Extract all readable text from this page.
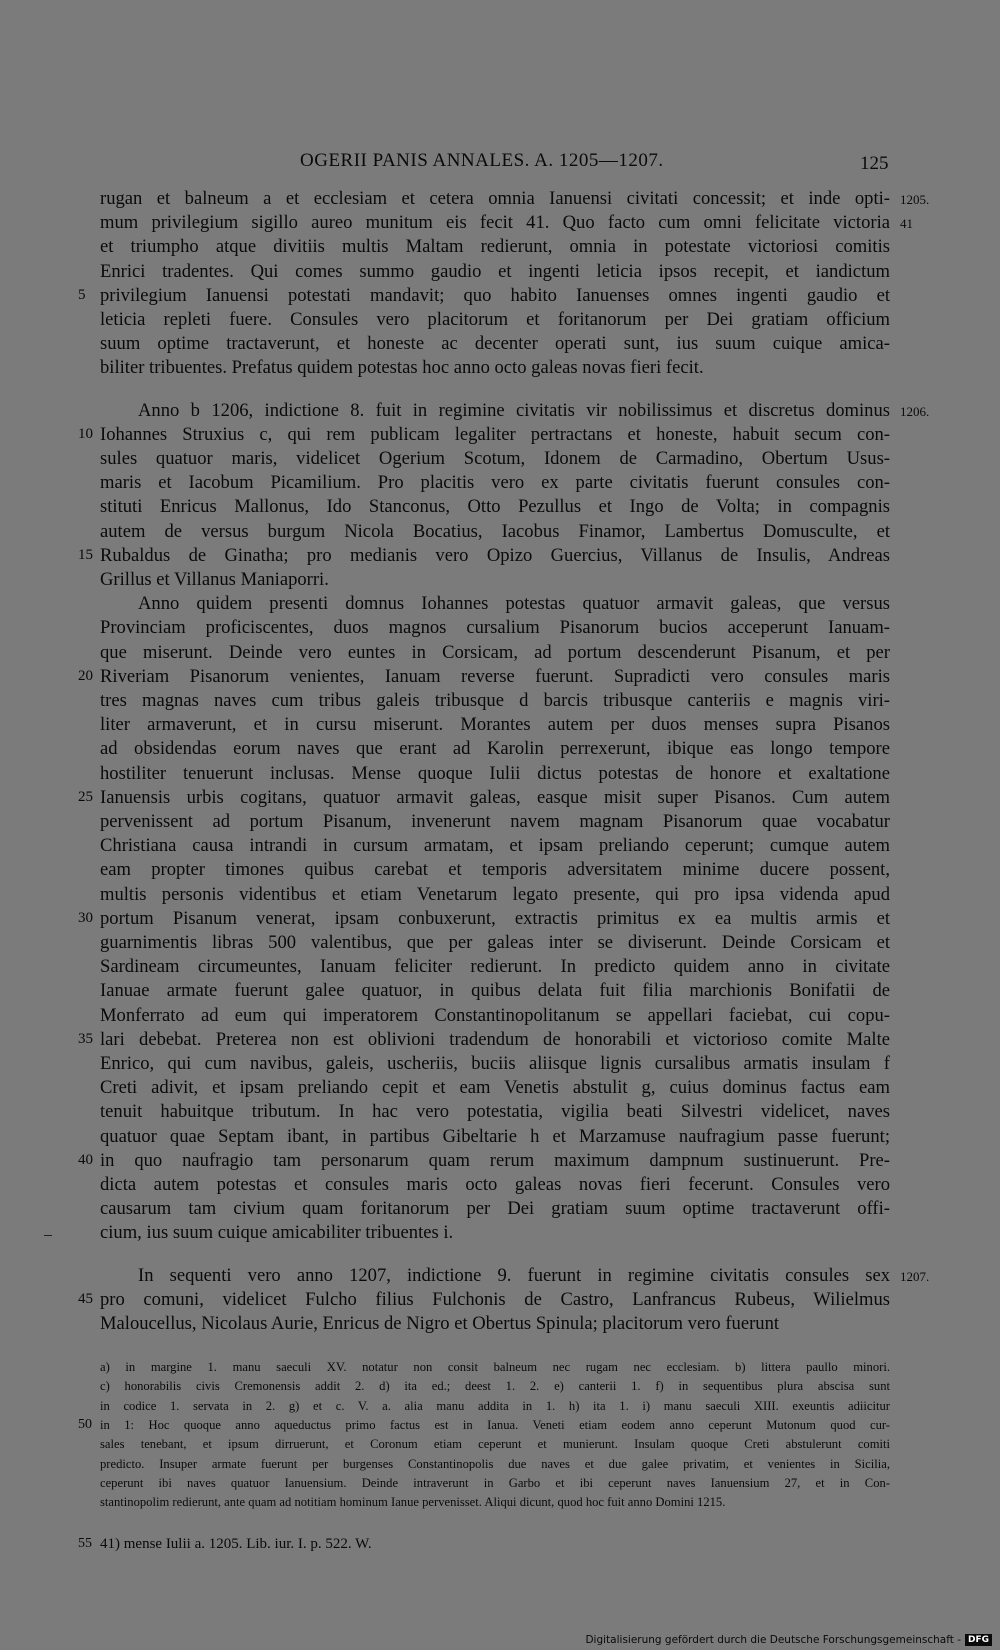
OGERII PANIS ANNALES. A. 1205—1207.	125
rugan et balneum a et ecclesiam et cetera omnia Ianuensi civitati concessit; et inde opti- 1205.
mum privilegium sigillo aureo munitum eis fecit 41. Quo facto cum omni felicitate victoria 41
et triumpho atque divitiis multis Maltam redierunt, omnia in potestate victoriosi comitis
Enrici tradentes. Qui comes summo gaudio et ingenti leticia ipsos recepit, et iandictum
privilegium Ianuensi potestati mandavit; quo habito Ianuenses omnes ingenti gaudio et
5
leticia repleti fuere. Consules vero placitorum et foritanorum per Dei gratiam officium
suum optime tractaverunt, et honeste ac decenter operati sunt, ius suum cuique amica-
biliter tribuentes. Prefatus quidem potestas hoc anno octo galeas novas fieri fecit.
Anno b 1206, indictione 8. fuit in regimine civitatis vir nobilissimus et discretus dominus 1206.
Iohannes Struxius c, qui rem publicam legaliter pertractans et honeste, habuit secum con-
10
sules quatuor maris, videlicet Ogerium Scotum, Idonem de Carmadino, Obertum Usus-
maris et Iacobum Picamilium. Pro placitis vero ex parte civitatis fuerunt consules con-
stituti Enricus Mallonus, Ido Stanconus, Otto Pezullus et Ingo de Volta; in compagnis
autem de versus burgum Nicola Bocatius, Iacobus Finamor, Lambertus Domusculte, et
Rubaldus de Ginatha; pro medianis vero Opizo Guercius, Villanus de Insulis, Andreas
15
Grillus et Villanus Maniaporri.
Anno quidem presenti domnus Iohannes potestas quatuor armavit galeas, que versus
Provinciam proficiscentes, duos magnos cursalium Pisanorum bucios acceperunt Ianuam-
que miserunt. Deinde vero euntes in Corsicam, ad portum descenderunt Pisanum, et per
Riveriam Pisanorum venientes, Ianuam reverse fuerunt. Supradicti vero consules maris
20
tres magnas naves cum tribus galeis tribusque d barcis tribusque canteriis e magnis viri-
liter armaverunt, et in cursu miserunt. Morantes autem per duos menses supra Pisanos
ad obsidendas eorum naves que erant ad Karolin perrexerunt, ibique eas longo tempore
hostiliter tenuerunt inclusas. Mense quoque Iulii dictus potestas de honore et exaltatione
Ianuensis urbis cogitans, quatuor armavit galeas, easque misit super Pisanos. Cum autem
25
pervenissent ad portum Pisanum, invenerunt navem magnam Pisanorum quae vocabatur
Christiana causa intrandi in cursum armatam, et ipsam preliando ceperunt; cumque autem
eam propter timones quibus carebat et temporis adversitatem minime ducere possent,
multis personis videntibus et etiam Venetarum legato presente, qui pro ipsa videnda apud
portum Pisanum venerat, ipsam conbuxerunt, extractis primitus ex ea multis armis et
30
guarnimentis libras 500 valentibus, que per galeas inter se diviserunt. Deinde Corsicam et
Sardineam circumeuntes, Ianuam feliciter redierunt. In predicto quidem anno in civitate
Ianuae armate fuerunt galee quatuor, in quibus delata fuit filia marchionis Bonifatii de
Monferrato ad eum qui imperatorem Constantinopolitanum se appellari faciebat, cui copu-
lari debebat. Preterea non est oblivioni tradendum de honorabili et victorioso comite Malte
35
Enrico, qui cum navibus, galeis, uscheriis, buciis aliisque lignis cursalibus armatis insulam f
Creti adivit, et ipsam preliando cepit et eam Venetis abstulit g, cuius dominus factus eam
tenuit habuitque tributum. In hac vero potestatia, vigilia beati Silvestri videlicet, naves
quatuor quae Septam ibant, in partibus Gibeltarie h et Marzamuse naufragium passe fuerunt;
in quo naufragio tam personarum quam rerum maximum dampnum sustinuerunt. Pre-
40
dicta autem potestas et consules maris octo galeas novas fieri fecerunt. Consules vero
causarum tam civium quam foritanorum per Dei gratiam suum optime tractaverunt offi-
cium, ius suum cuique amicabiliter tribuentes i.
In sequenti vero anno 1207, indictione 9. fuerunt in regimine civitatis consules sex 1207.
pro comuni, videlicet Fulcho filius Fulchonis de Castro, Lanfrancus Rubeus, Wilielmus
45
Maloucellus, Nicolaus Aurie, Enricus de Nigro et Obertus Spinula; placitorum vero fuerunt
a) in margine 1. manu saeculi XV. notatur non consit balneum nec rugam nec ecclesiam. b) littera paullo minori.
c) honorabilis civis Cremonensis addit 2. d) ita ed.; deest 1. 2. e) canterii 1. f) in sequentibus plura abscisa sunt
in codice 1. servata in 2. g) et c. V. a. alia manu addita in 1. h) ita 1. i) manu saeculi XIII. exeuntis adiicitur
in 1: Hoc quoque anno aqueductus primo factus est in Ianua. Veneti etiam eodem anno ceperunt Mutonum quod cur-
50
sales tenebant, et ipsum dirruerunt, et Coronum etiam ceperunt et munierunt. Insulam quoque Creti abstulerunt comiti
predicto. Insuper armate fuerunt per burgenses Constantinopolis due naves et due galee privatim, et venientes in Sicilia,
ceperunt ibi naves quatuor Ianuensium. Deinde intraverunt in Garbo et ibi ceperunt naves Ianuensium 27, et in Con-
stantinopolim redierunt, ante quam ad notitiam hominum Ianue pervenisset. Aliqui dicunt, quod hoc fuit anno Domini 1215.
55 41) mense Iulii a. 1205. Lib. iur. I. p. 522. W.
Digitalisierung gefördert durch die Deutsche Forschungsgemeinschaft - DFG
